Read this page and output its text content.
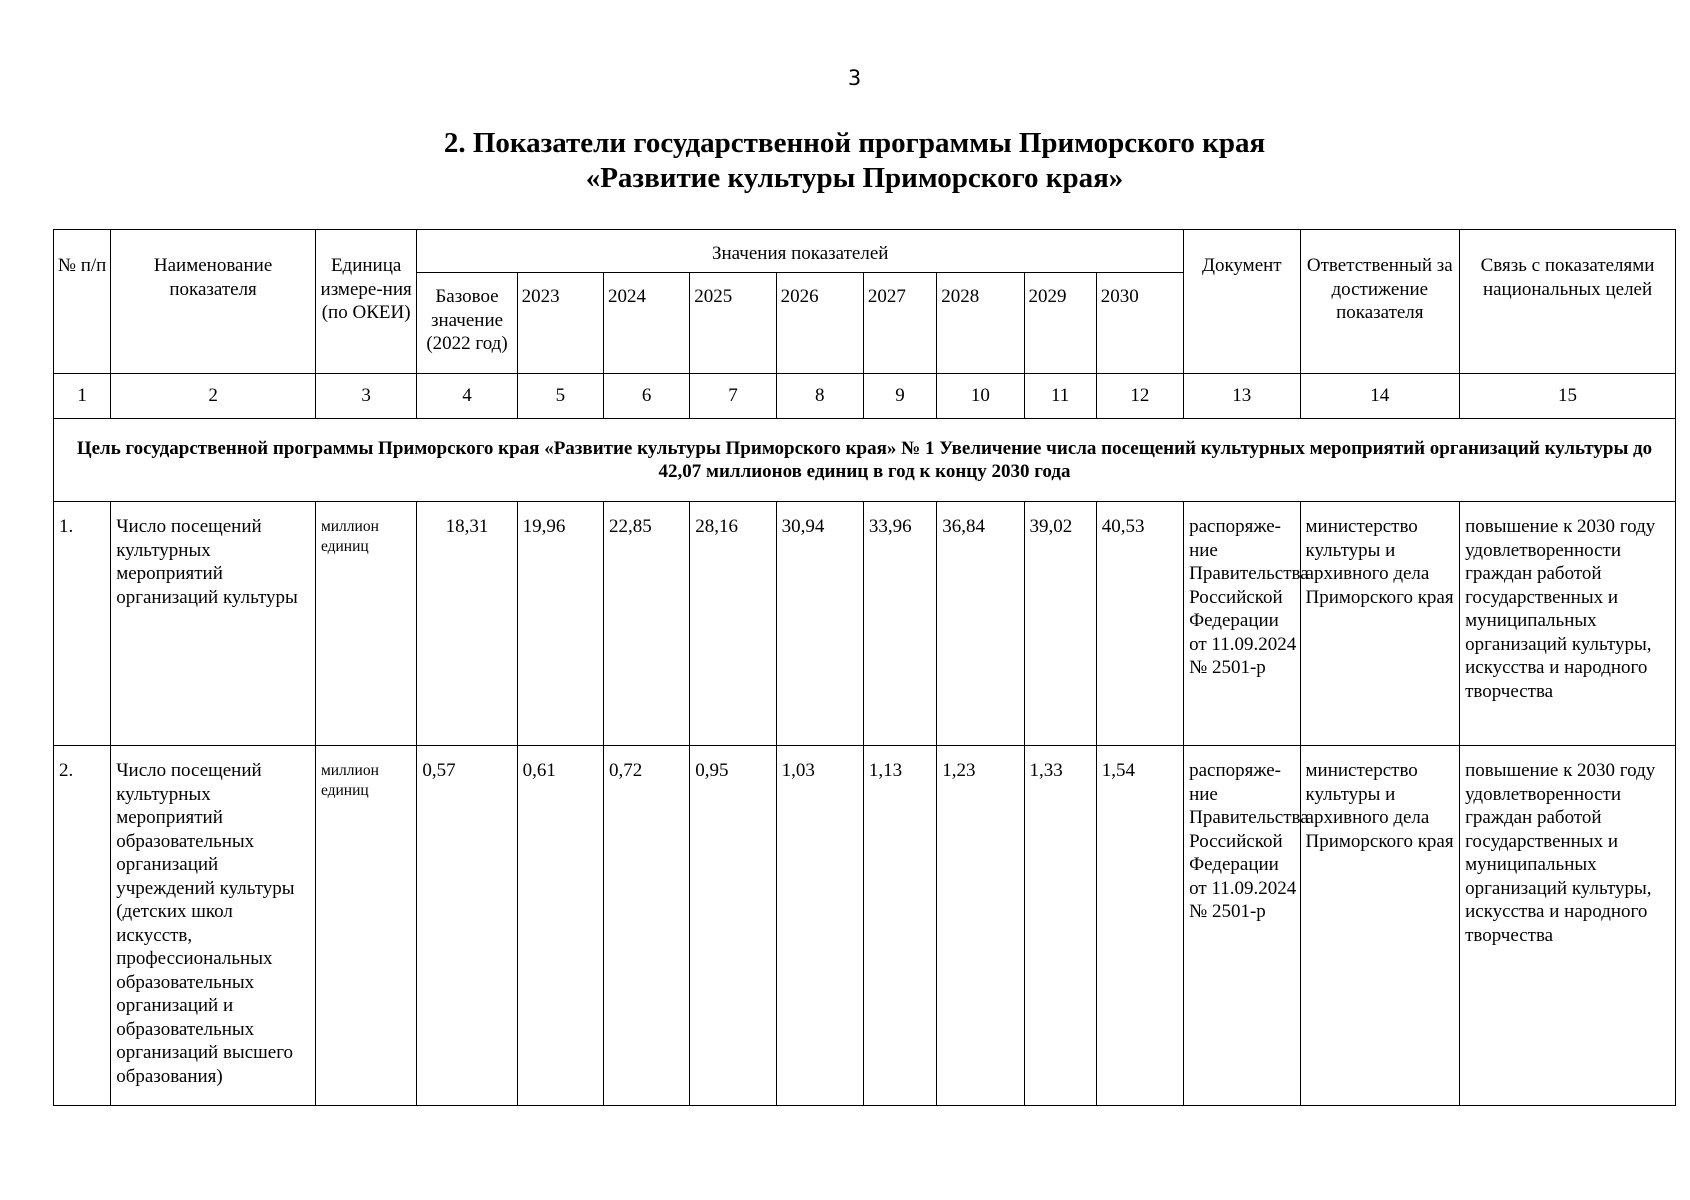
3
2. Показатели государственной программы Приморского края
«Развитие культуры Приморского края»
№ п/п	Наименование показателя	Единица измере-ния (по ОКЕИ)	Значения показателей									Документ	Ответственный за достижение показателя	Связь с показателями национальных целей
			Базовое значение (2022 год)	2023	2024	2025	2026	2027	2028	2029	2030			
1	2	3	4	5	6	7	8	9	10	11	12	13	14	15
Цель государственной программы Приморского края «Развитие культуры Приморского края» № 1 Увеличение числа посещений культурных мероприятий организаций культуры до 42,07 миллионов единиц в год к концу 2030 года														
1.	Число посещений культурных мероприятий организаций культуры	миллион единиц	18,31	19,96	22,85	28,16	30,94	33,96	36,84	39,02	40,53	распоряже-ние Правительства Российской Федерации от 11.09.2024 № 2501-р	министерство культуры и архивного дела Приморского края	повышение к 2030 году удовлетворенности граждан работой государственных и муниципальных организаций культуры, искусства и народного творчества
2.	Число посещений культурных мероприятий образовательных организаций учреждений культуры (детских школ искусств, профессиональных образовательных организаций и образовательных организаций высшего образования)	миллион единиц	0,57	0,61	0,72	0,95	1,03	1,13	1,23	1,33	1,54	распоряже-ние Правительства Российской Федерации от 11.09.2024 № 2501-р	министерство культуры и архивного дела Приморского края	повышение к 2030 году удовлетворенности граждан работой государственных и муниципальных организаций культуры, искусства и народного творчества
